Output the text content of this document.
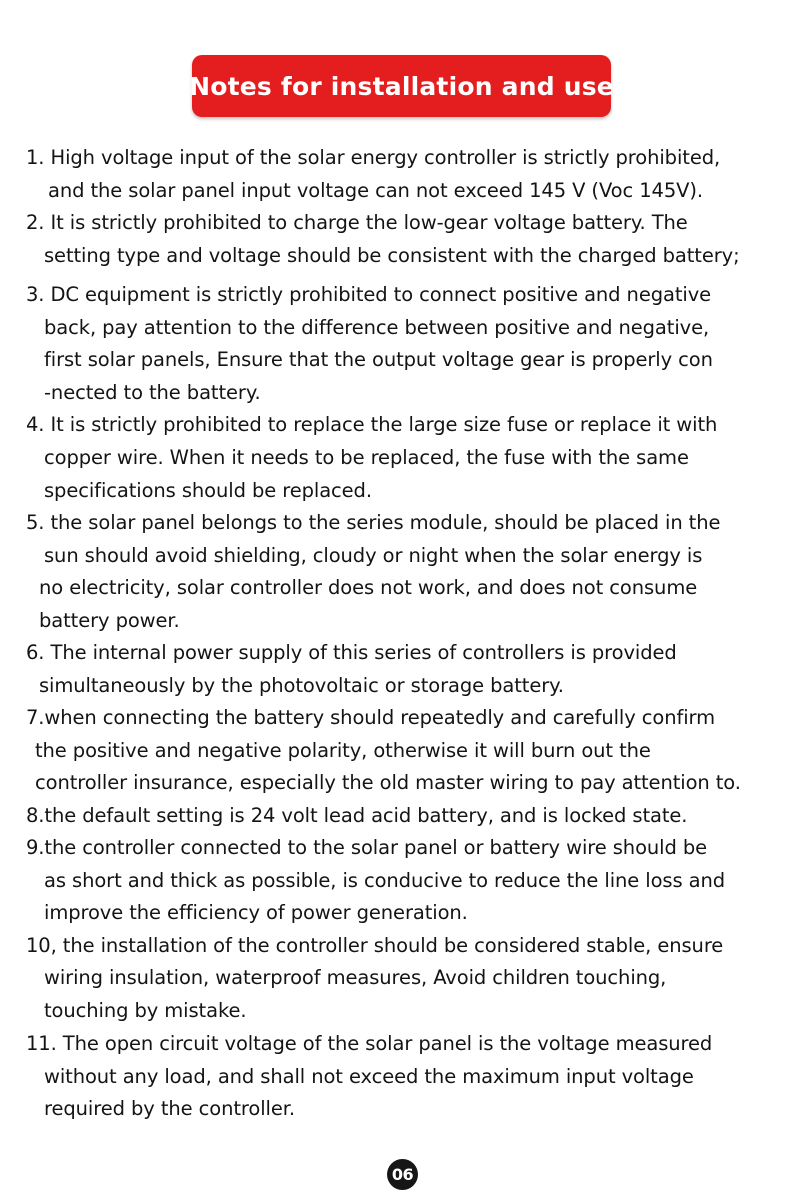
Notes for installation and use
1. High voltage input of the solar energy controller is strictly prohibited,
and the solar panel input voltage can not exceed 145 V (Voc 145V).
2. It is strictly prohibited to charge the low-gear voltage battery. The
setting type and voltage should be consistent with the charged battery;
3. DC equipment is strictly prohibited to connect positive and negative
back, pay attention to the difference between positive and negative,
first solar panels, Ensure that the output voltage gear is properly con
-nected to the battery.
4. It is strictly prohibited to replace the large size fuse or replace it with
copper wire. When it needs to be replaced, the fuse with the same
specifications should be replaced.
5. the solar panel belongs to the series module, should be placed in the
sun should avoid shielding, cloudy or night when the solar energy is
no electricity, solar controller does not work, and does not consume
battery power.
6. The internal power supply of this series of controllers is provided
simultaneously by the photovoltaic or storage battery.
7.when connecting the battery should repeatedly and carefully confirm
the positive and negative polarity, otherwise it will burn out the
controller insurance, especially the old master wiring to pay attention to.
8.the default setting is 24 volt lead acid battery, and is locked state.
9.the controller connected to the solar panel or battery wire should be
as short and thick as possible, is conducive to reduce the line loss and
improve the efficiency of power generation.
10, the installation of the controller should be considered stable, ensure
wiring insulation, waterproof measures, Avoid children touching,
touching by mistake.
11. The open circuit voltage of the solar panel is the voltage measured
without any load, and shall not exceed the maximum input voltage
required by the controller.
06
